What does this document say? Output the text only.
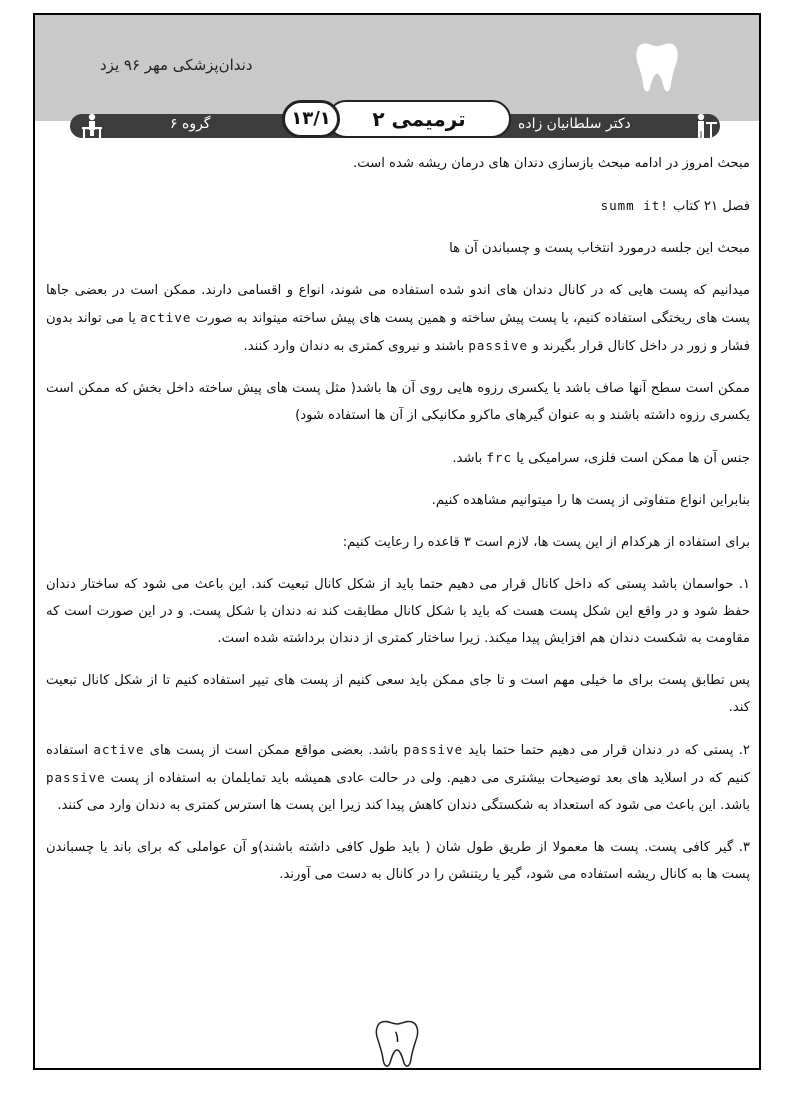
دندان‌پزشکی مهر ۹۶ یزد
دکتر سلطانیان زاده
ترمیمی ۲
۱۳/۱
گروه ۶

مبحث امروز در ادامه مبحث بازسازی دندان های درمان ریشه شده است.

فصل ۲۱ کتاب summ it!

مبحث این جلسه درمورد انتخاب پست و چسباندن آن ها

میدانیم که پست هایی که در کانال دندان های اندو شده استفاده می شوند، انواع و اقسامی دارند. ممکن است در بعضی جاها پست های ریختگی استفاده کنیم، یا پست پیش ساخته و همین پست های پیش ساخته میتواند به صورت active یا می تواند بدون فشار و زور در داخل کانال قرار بگیرند و passive باشند و نیروی کمتری به دندان وارد کنند.

ممکن است سطح آنها صاف باشد یا یکسری رزوه هایی روی آن ها باشد( مثل پست های پیش ساخته داخل بخش که ممکن است یکسری رزوه داشته باشند و به عنوان گیرهای ماکرو مکانیکی از آن ها استفاده شود)

جنس آن ها ممکن است فلزی، سرامیکی یا frc باشد.

بنابراین انواع متفاوتی از پست ها را میتوانیم مشاهده کنیم.

برای استفاده از هرکدام از این پست ها، لازم است ۳ قاعده را رعایت کنیم:

۱. حواسمان باشد پستی که داخل کانال قرار می دهیم حتما باید از شکل کانال تبعیت کند. این باعث می شود که ساختار دندان حفظ شود و در واقع این شکل پست هست که باید با شکل کانال مطابقت کند نه دندان با شکل پست. و در این صورت است که مقاومت به شکست دندان هم افزایش پیدا میکند. زیرا ساختار کمتری از دندان برداشته شده است.

پس تطابق پست برای ما خیلی مهم است و تا جای ممکن باید سعی کنیم از پست های تیپر استفاده کنیم تا از شکل کانال تبعیت کند.

۲. پستی که در دندان قرار می دهیم حتما حتما باید passive باشد. بعضی مواقع ممکن است از پست های active استفاده کنیم که در اسلاید های بعد توضیحات بیشتری می دهیم. ولی در حالت عادی همیشه باید تمایلمان به استفاده از پست passive باشد. این باعث می شود که استعداد به شکستگی دندان کاهش پیدا کند زیرا این پست ها استرس کمتری به دندان وارد می کنند.

۳. گیر کافی پست. پست ها معمولا از طریق طول شان ( باید طول کافی داشته باشند)و آن عواملی که برای باند یا چسباندن پست ها به کانال ریشه استفاده می شود، گیر یا ریتنشن را در کانال به دست می آورند.

۱
